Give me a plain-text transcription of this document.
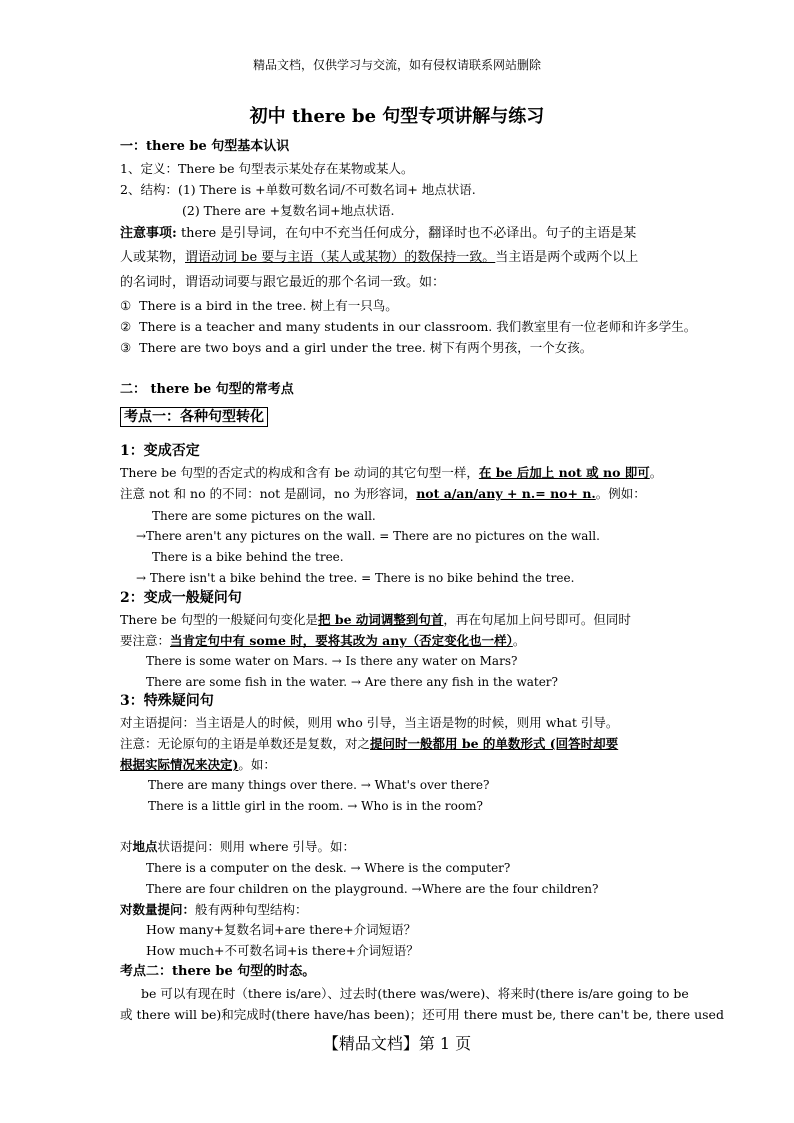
精品文档，仅供学习与交流，如有侵权请联系网站删除
初中 there be 句型专项讲解与练习
一：there be 句型基本认识
1、定义：There be 句型表示某处存在某物或某人。
2、结构：(1) There is +单数可数名词/不可数名词+ 地点状语.
(2) There are +复数名词+地点状语.
注意事项: there 是引导词，在句中不充当任何成分，翻译时也不必译出。句子的主语是某
人或某物，谓语动词 be 要与主语（某人或某物）的数保持一致。当主语是两个或两个以上
的名词时，谓语动词要与跟它最近的那个名词一致。如：
① There is a bird in the tree. 树上有一只鸟。
② There is a teacher and many students in our classroom. 我们教室里有一位老师和许多学生。
③ There are two boys and a girl under the tree. 树下有两个男孩，一个女孩。
二： there be 句型的常考点
考点一：各种句型转化
1：变成否定
There be 句型的否定式的构成和含有 be 动词的其它句型一样，在 be 后加上 not 或 no 即可。
注意 not 和 no 的不同：not 是副词，no 为形容词，not a/an/any + n.= no+ n.。例如：
There are some pictures on the wall.
→There aren't any pictures on the wall. = There are no pictures on the wall.
There is a bike behind the tree.
→ There isn't a bike behind the tree. = There is no bike behind the tree.
2：变成一般疑问句
There be 句型的一般疑问句变化是把 be 动词调整到句首，再在句尾加上问号即可。但同时
要注意：当肯定句中有 some 时，要将其改为 any（否定变化也一样）。
There is some water on Mars. → Is there any water on Mars?
There are some fish in the water. → Are there any fish in the water?
3：特殊疑问句
对主语提问：当主语是人的时候，则用 who 引导，当主语是物的时候，则用 what 引导。
注意：无论原句的主语是单数还是复数，对之提问时一般都用 be 的单数形式 (回答时却要
根据实际情况来决定)。如：
There are many things over there. → What's over there?
There is a little girl in the room. → Who is in the room?
对地点状语提问：则用 where 引导。如：
There is a computer on the desk. → Where is the computer?
There are four children on the playground. →Where are the four children?
对数量提问：般有两种句型结构：
How many+复数名词+are there+介词短语？
How much+不可数名词+is there+介词短语？
考点二：there be 句型的时态。
be 可以有现在时（there is/are）、过去时(there was/were)、将来时(there is/are going to be
或 there will be)和完成时(there have/has been)；还可用 there must be, there can't be, there used
【精品文档】第 1 页
